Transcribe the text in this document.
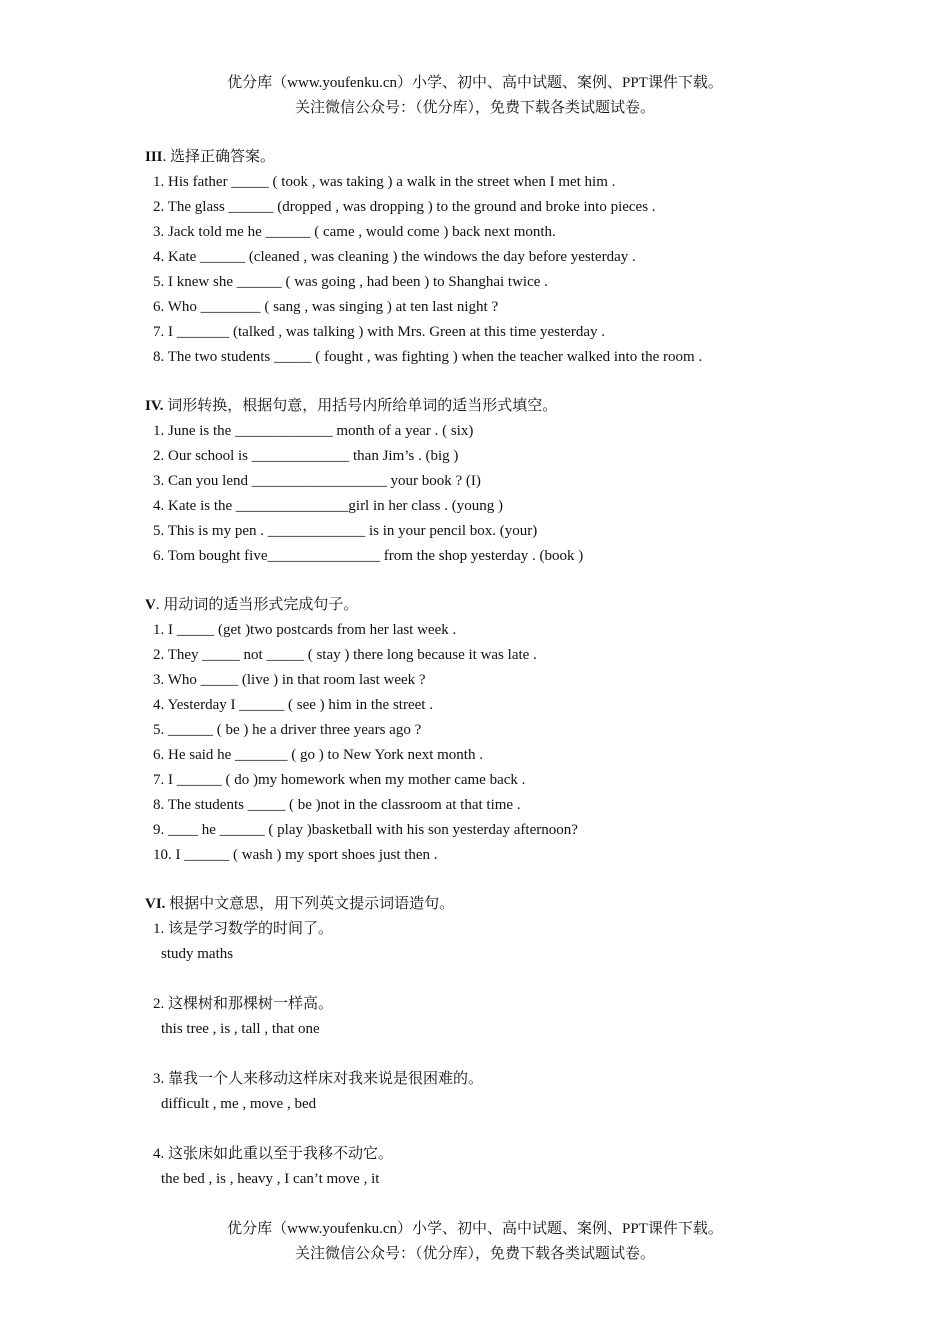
优分库（www.youfenku.cn）小学、初中、高中试题、案例、PPT课件下载。
关注微信公众号：（优分库），免费下载各类试题试卷。
III. 选择正确答案。
1. His father _____ ( took , was taking ) a walk in the street when I met him .
2. The glass ______ (dropped , was dropping ) to the ground and broke into pieces .
3. Jack told me he ______ ( came , would come ) back next month.
4. Kate ______ (cleaned , was cleaning ) the windows the day before yesterday .
5. I knew she ______ ( was going , had been ) to Shanghai twice .
6. Who ________ ( sang , was singing ) at ten last night ?
7. I _______ (talked , was talking ) with Mrs. Green at this time yesterday .
8. The two students _____ ( fought , was fighting ) when the teacher walked into the room .
IV. 词形转换，根据句意，用括号内所给单词的适当形式填空。
1. June is the _____________ month of a year . ( six)
2. Our school is _____________ than Jim’s . (big )
3. Can you lend __________________ your book ? (I)
4. Kate is the _______________girl in her class . (young )
5. This is my pen . _____________ is in your pencil box. (your)
6. Tom bought five_______________ from the shop yesterday . (book )
V. 用动词的适当形式完成句子。
1. I _____ (get )two postcards from her last week .
2. They _____ not _____ ( stay ) there long because it was late .
3. Who _____ (live ) in that room last week ?
4. Yesterday I ______ ( see ) him in the street .
5. ______ ( be ) he a driver three years ago ?
6. He said he _______ ( go ) to New York next month .
7. I ______ ( do )my homework when my mother came back .
8. The students _____ ( be )not in the classroom at that time .
9. ____ he ______ ( play )basketball with his son yesterday afternoon?
10. I ______ ( wash ) my sport shoes just then .
VI. 根据中文意思，用下列英文提示词语造句。
1. 该是学习数学的时间了。
study maths
2. 这棵树和那棵树一样高。
this tree , is , tall , that one
3. 靠我一个人来移动这样床对我来说是很困难的。
difficult , me , move , bed
4. 这张床如此重以至于我移不动它。
the bed , is , heavy , I can’t move , it
优分库（www.youfenku.cn）小学、初中、高中试题、案例、PPT课件下载。
关注微信公众号：（优分库），免费下载各类试题试卷。
